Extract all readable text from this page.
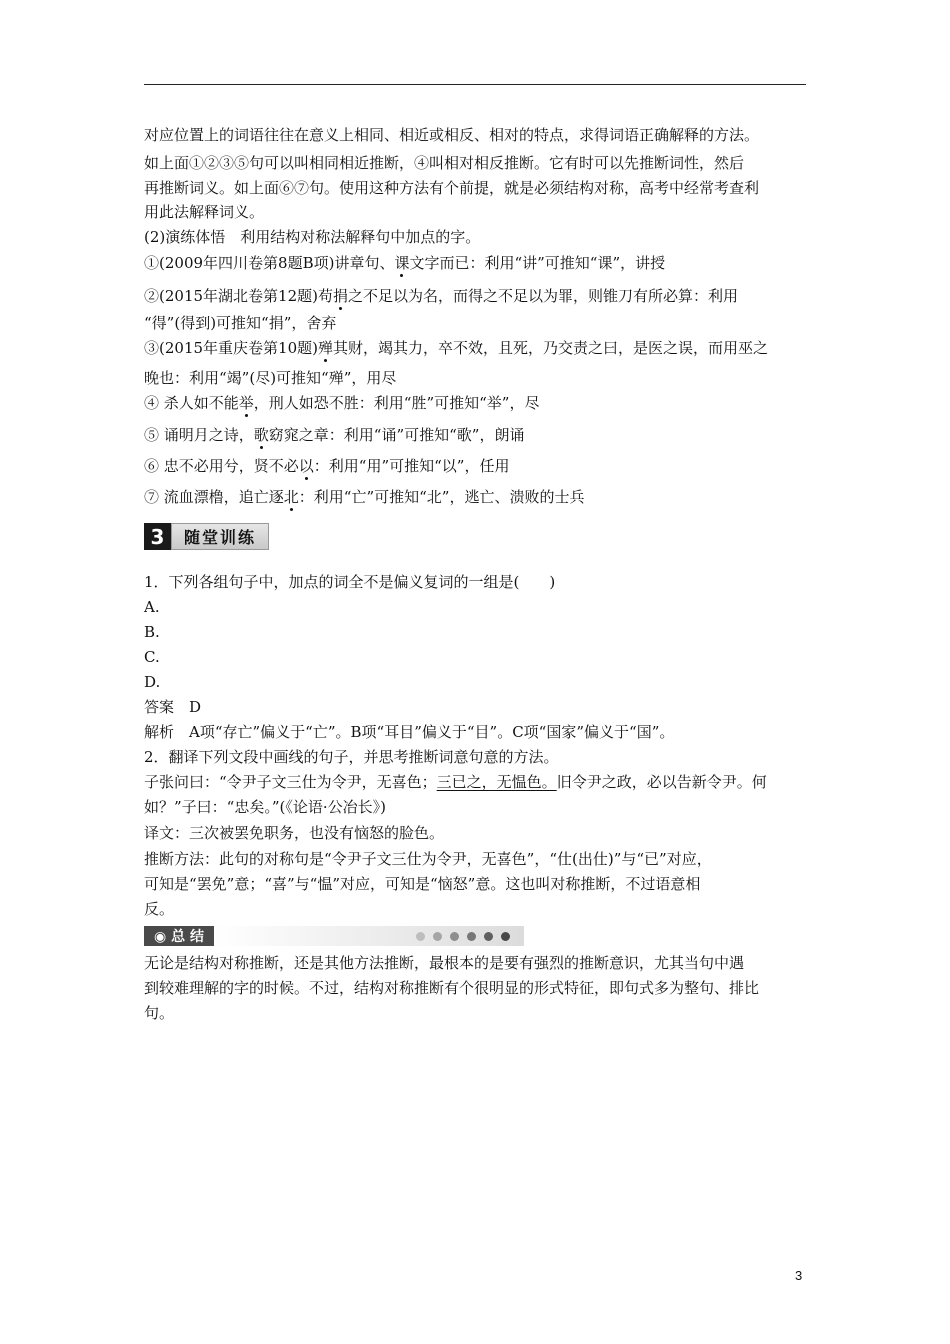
对应位置上的词语往往在意义上相同、相近或相反、相对的特点，求得词语正确解释的方法。
如上面①②③⑤句可以叫相同相近推断，④叫相对相反推断。它有时可以先推断词性，然后
再推断词义。如上面⑥⑦句。使用这种方法有个前提，就是必须结构对称，高考中经常考查利
用此法解释词义。
(2)演练体悟　利用结构对称法解释句中加点的字。
①(2009年四川卷第8题B项)讲章句、课文字而已：利用“讲”可推知“课”，讲授
②(2015年湖北卷第12题)苟捐之不足以为名，而得之不足以为罪，则锥刀有所必算：利用
“得”(得到)可推知“捐”，舍弃
③(2015年重庆卷第10题)殚其财，竭其力，卒不效，且死，乃交责之曰，是医之误，而用巫之
晚也：利用“竭”(尽)可推知“殚”，用尽
④ 杀人如不能举，刑人如恐不胜：利用“胜”可推知“举”，尽
⑤ 诵明月之诗，歌窈窕之章：利用“诵”可推知“歌”，朗诵
⑥ 忠不必用兮，贤不必以：利用“用”可推知“以”，任用
⑦ 流血漂橹，追亡逐北：利用“亡”可推知“北”，逃亡、溃败的士兵
3	随堂训练
1．下列各组句子中，加点的词全不是偏义复词的一组是(　　)
A.
B.
C.
D.
答案　D
解析　A项“存亡”偏义于“亡”。B项“耳目”偏义于“目”。C项“国家”偏义于“国”。
2．翻译下列文段中画线的句子，并思考推断词意句意的方法。
子张问曰：“令尹子文三仕为令尹，无喜色；三已之，无愠色。旧令尹之政，必以告新令尹。何
如？”子曰：“忠矣。”(《论语·公冶长》)
译文：三次被罢免职务，也没有恼怒的脸色。
推断方法：此句的对称句是“令尹子文三仕为令尹，无喜色”，“仕(出仕)”与“已”对应，
可知是“罢免”意；“喜”与“愠”对应，可知是“恼怒”意。这也叫对称推断，不过语意相
反。
◉ 总 结
无论是结构对称推断，还是其他方法推断，最根本的是要有强烈的推断意识，尤其当句中遇
到较难理解的字的时候。不过，结构对称推断有个很明显的形式特征，即句式多为整句、排比
句。
3
